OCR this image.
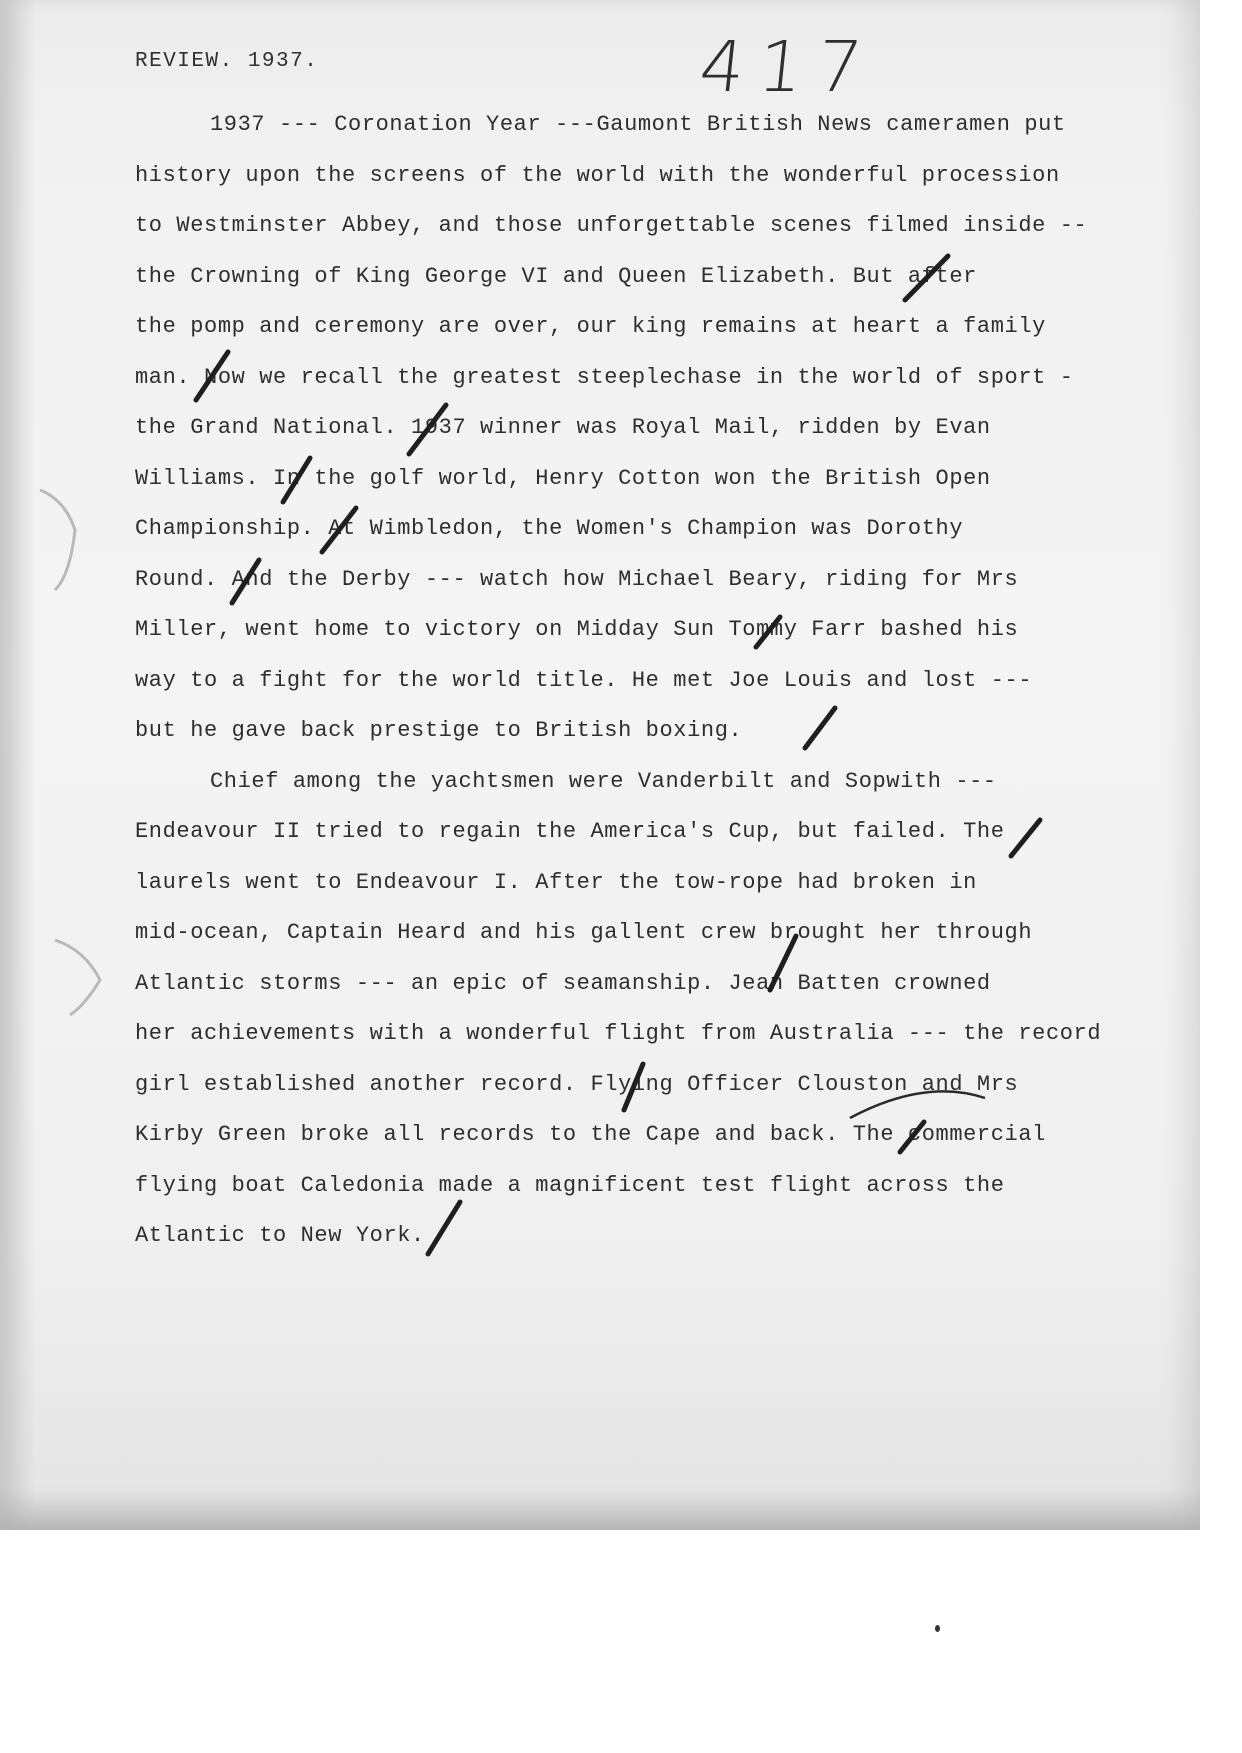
REVIEW. 1937.	417
1937 --- Coronation Year ---Gaumont British News cameramen put
history upon the screens of the world with the wonderful procession
to Westminster Abbey, and those unforgettable scenes filmed inside --
the Crowning of King George VI and Queen Elizabeth. But after
the pomp and ceremony are over, our king remains at heart a family
man. Now we recall the greatest steeplechase in the world of sport -
the Grand National. 1937 winner was Royal Mail, ridden by Evan
Williams. In the golf world, Henry Cotton won the British Open
Championship. At Wimbledon, the Women's Champion was Dorothy
Round. And the Derby --- watch how Michael Beary, riding for Mrs
Miller, went home to victory on Midday Sun Tommy Farr bashed his
way to a fight for the world title. He met Joe Louis and lost ---
but he gave back prestige to British boxing.
Chief among the yachtsmen were Vanderbilt and Sopwith ---
Endeavour II tried to regain the America's Cup, but failed. The
laurels went to Endeavour I. After the tow-rope had broken in
mid-ocean, Captain Heard and his gallent crew brought her through
Atlantic storms --- an epic of seamanship. Jean Batten crowned
her achievements with a wonderful flight from Australia --- the record
girl established another record. Flying Officer Clouston and Mrs
Kirby Green broke all records to the Cape and back. The commercial
flying boat Caledonia made a magnificent test flight across the
Atlantic to New York.
